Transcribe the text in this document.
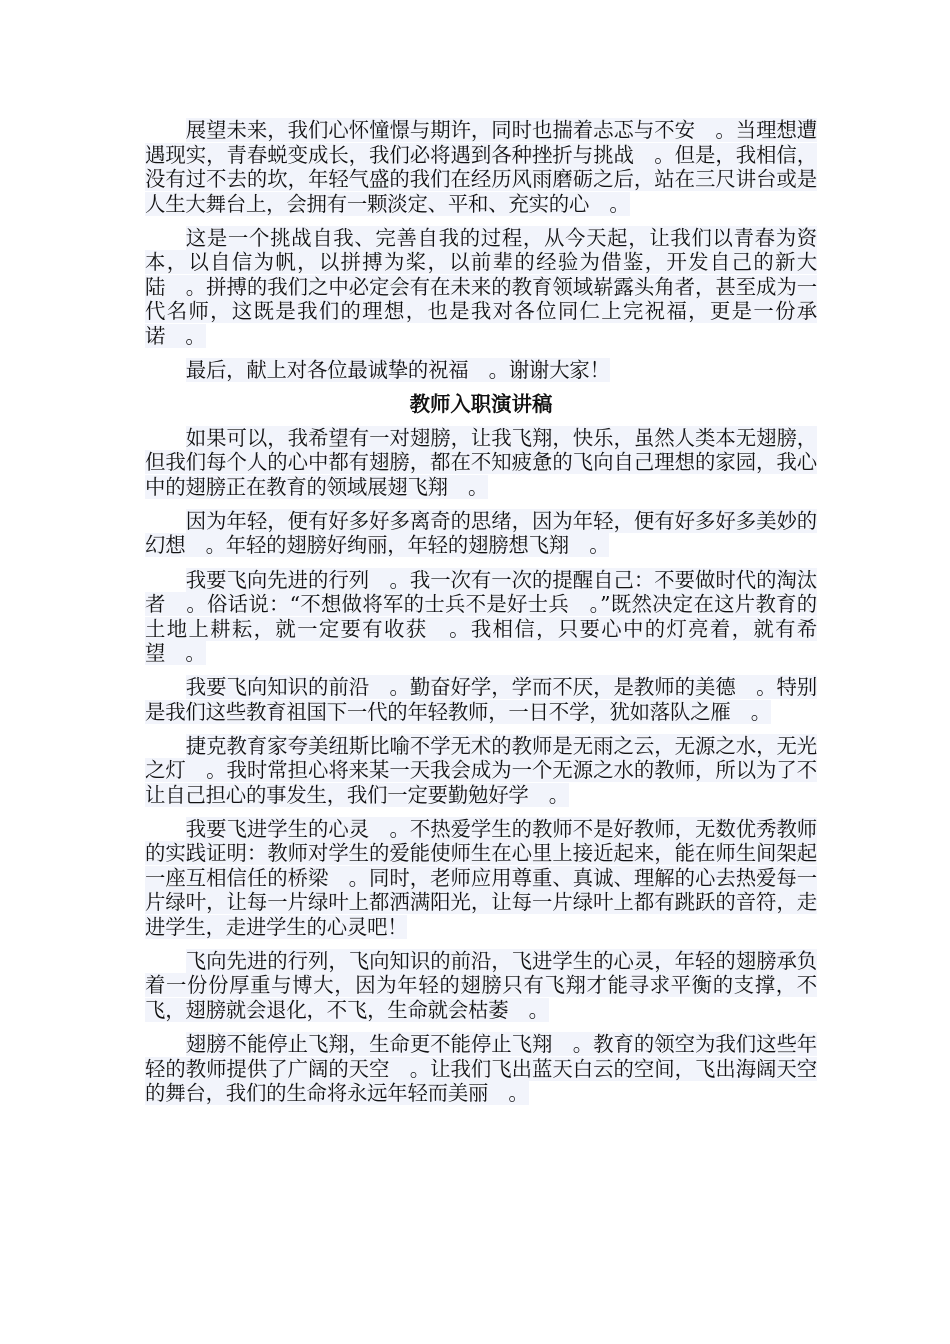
展望未来，我们心怀憧憬与期许，同时也揣着忐忑与不安　。当理想遭遇现实，青春蜕变成长，我们必将遇到各种挫折与挑战　。但是，我相信，没有过不去的坎，年轻气盛的我们在经历风雨磨砺之后，站在三尺讲台或是人生大舞台上，会拥有一颗淡定、平和、充实的心　。

这是一个挑战自我、完善自我的过程，从今天起，让我们以青春为资本，以自信为帆，以拼搏为桨，以前辈的经验为借鉴，开发自己的新大陆　。拼搏的我们之中必定会有在未来的教育领域崭露头角者，甚至成为一代名师，这既是我们的理想，也是我对各位同仁上完祝福，更是一份承诺　。

最后，献上对各位最诚挚的祝福　。谢谢大家！

教师入职演讲稿

如果可以，我希望有一对翅膀，让我飞翔，快乐，虽然人类本无翅膀，但我们每个人的心中都有翅膀，都在不知疲惫的飞向自己理想的家园，我心中的翅膀正在教育的领域展翅飞翔　。

因为年轻，便有好多好多离奇的思绪，因为年轻，便有好多好多美妙的幻想　。年轻的翅膀好绚丽，年轻的翅膀想飞翔　。

我要飞向先进的行列　。我一次有一次的提醒自己：不要做时代的淘汰者　。俗话说：“不想做将军的士兵不是好士兵　。”既然决定在这片教育的土地上耕耘，就一定要有收获　。我相信，只要心中的灯亮着，就有希望　。

我要飞向知识的前沿　。勤奋好学，学而不厌，是教师的美德　。特别是我们这些教育祖国下一代的年轻教师，一日不学，犹如落队之雁　。

捷克教育家夸美纽斯比喻不学无术的教师是无雨之云，无源之水，无光之灯　。我时常担心将来某一天我会成为一个无源之水的教师，所以为了不让自己担心的事发生，我们一定要勤勉好学　。

我要飞进学生的心灵　。不热爱学生的教师不是好教师，无数优秀教师的实践证明：教师对学生的爱能使师生在心里上接近起来，能在师生间架起一座互相信任的桥梁　。同时，老师应用尊重、真诚、理解的心去热爱每一片绿叶，让每一片绿叶上都洒满阳光，让每一片绿叶上都有跳跃的音符，走进学生，走进学生的心灵吧！

飞向先进的行列，飞向知识的前沿，飞进学生的心灵，年轻的翅膀承负着一份份厚重与博大，因为年轻的翅膀只有飞翔才能寻求平衡的支撑，不飞，翅膀就会退化，不飞，生命就会枯萎　。

翅膀不能停止飞翔，生命更不能停止飞翔　。教育的领空为我们这些年轻的教师提供了广阔的天空　。让我们飞出蓝天白云的空间，飞出海阔天空的舞台，我们的生命将永远年轻而美丽　。
